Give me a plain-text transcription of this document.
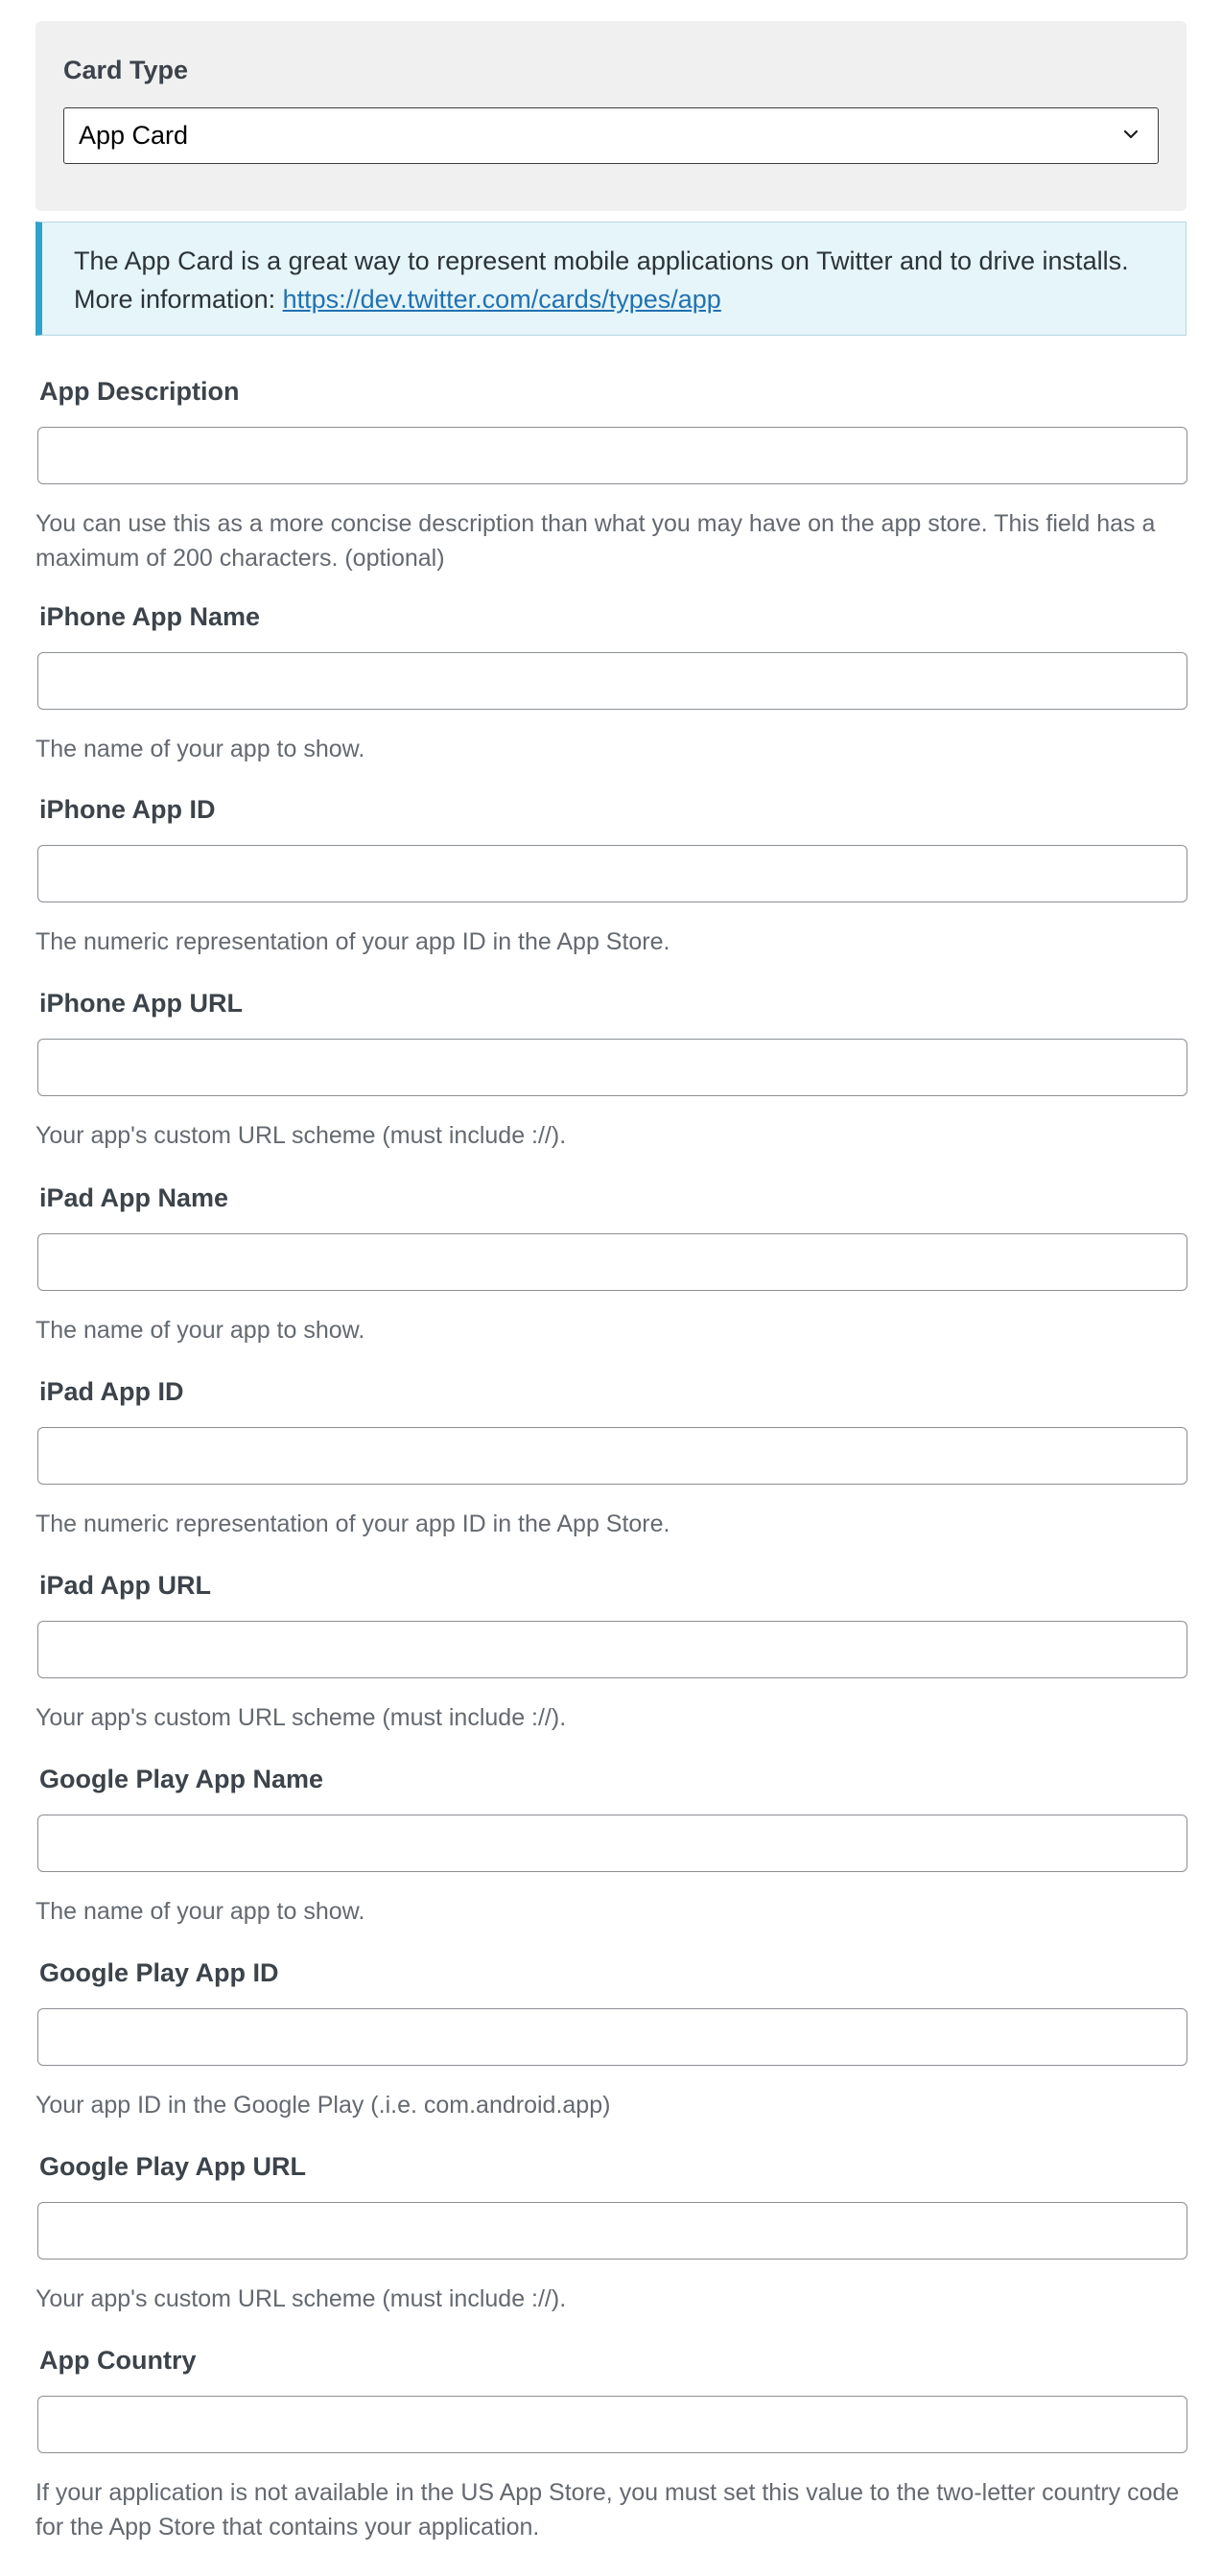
Card Type
App Card
The App Card is a great way to represent mobile applications on Twitter and to drive installs. More information: https://dev.twitter.com/cards/types/app
App Description

You can use this as a more concise description than what you may have on the app store. This field has a maximum of 200 characters. (optional)

iPhone App Name

The name of your app to show.

iPhone App ID

The numeric representation of your app ID in the App Store.

iPhone App URL

Your app's custom URL scheme (must include ://).

iPad App Name

The name of your app to show.

iPad App ID

The numeric representation of your app ID in the App Store.

iPad App URL

Your app's custom URL scheme (must include ://).

Google Play App Name

The name of your app to show.

Google Play App ID

Your app ID in the Google Play (.i.e. com.android.app)

Google Play App URL

Your app's custom URL scheme (must include ://).

App Country

If your application is not available in the US App Store, you must set this value to the two-letter country code for the App Store that contains your application.
